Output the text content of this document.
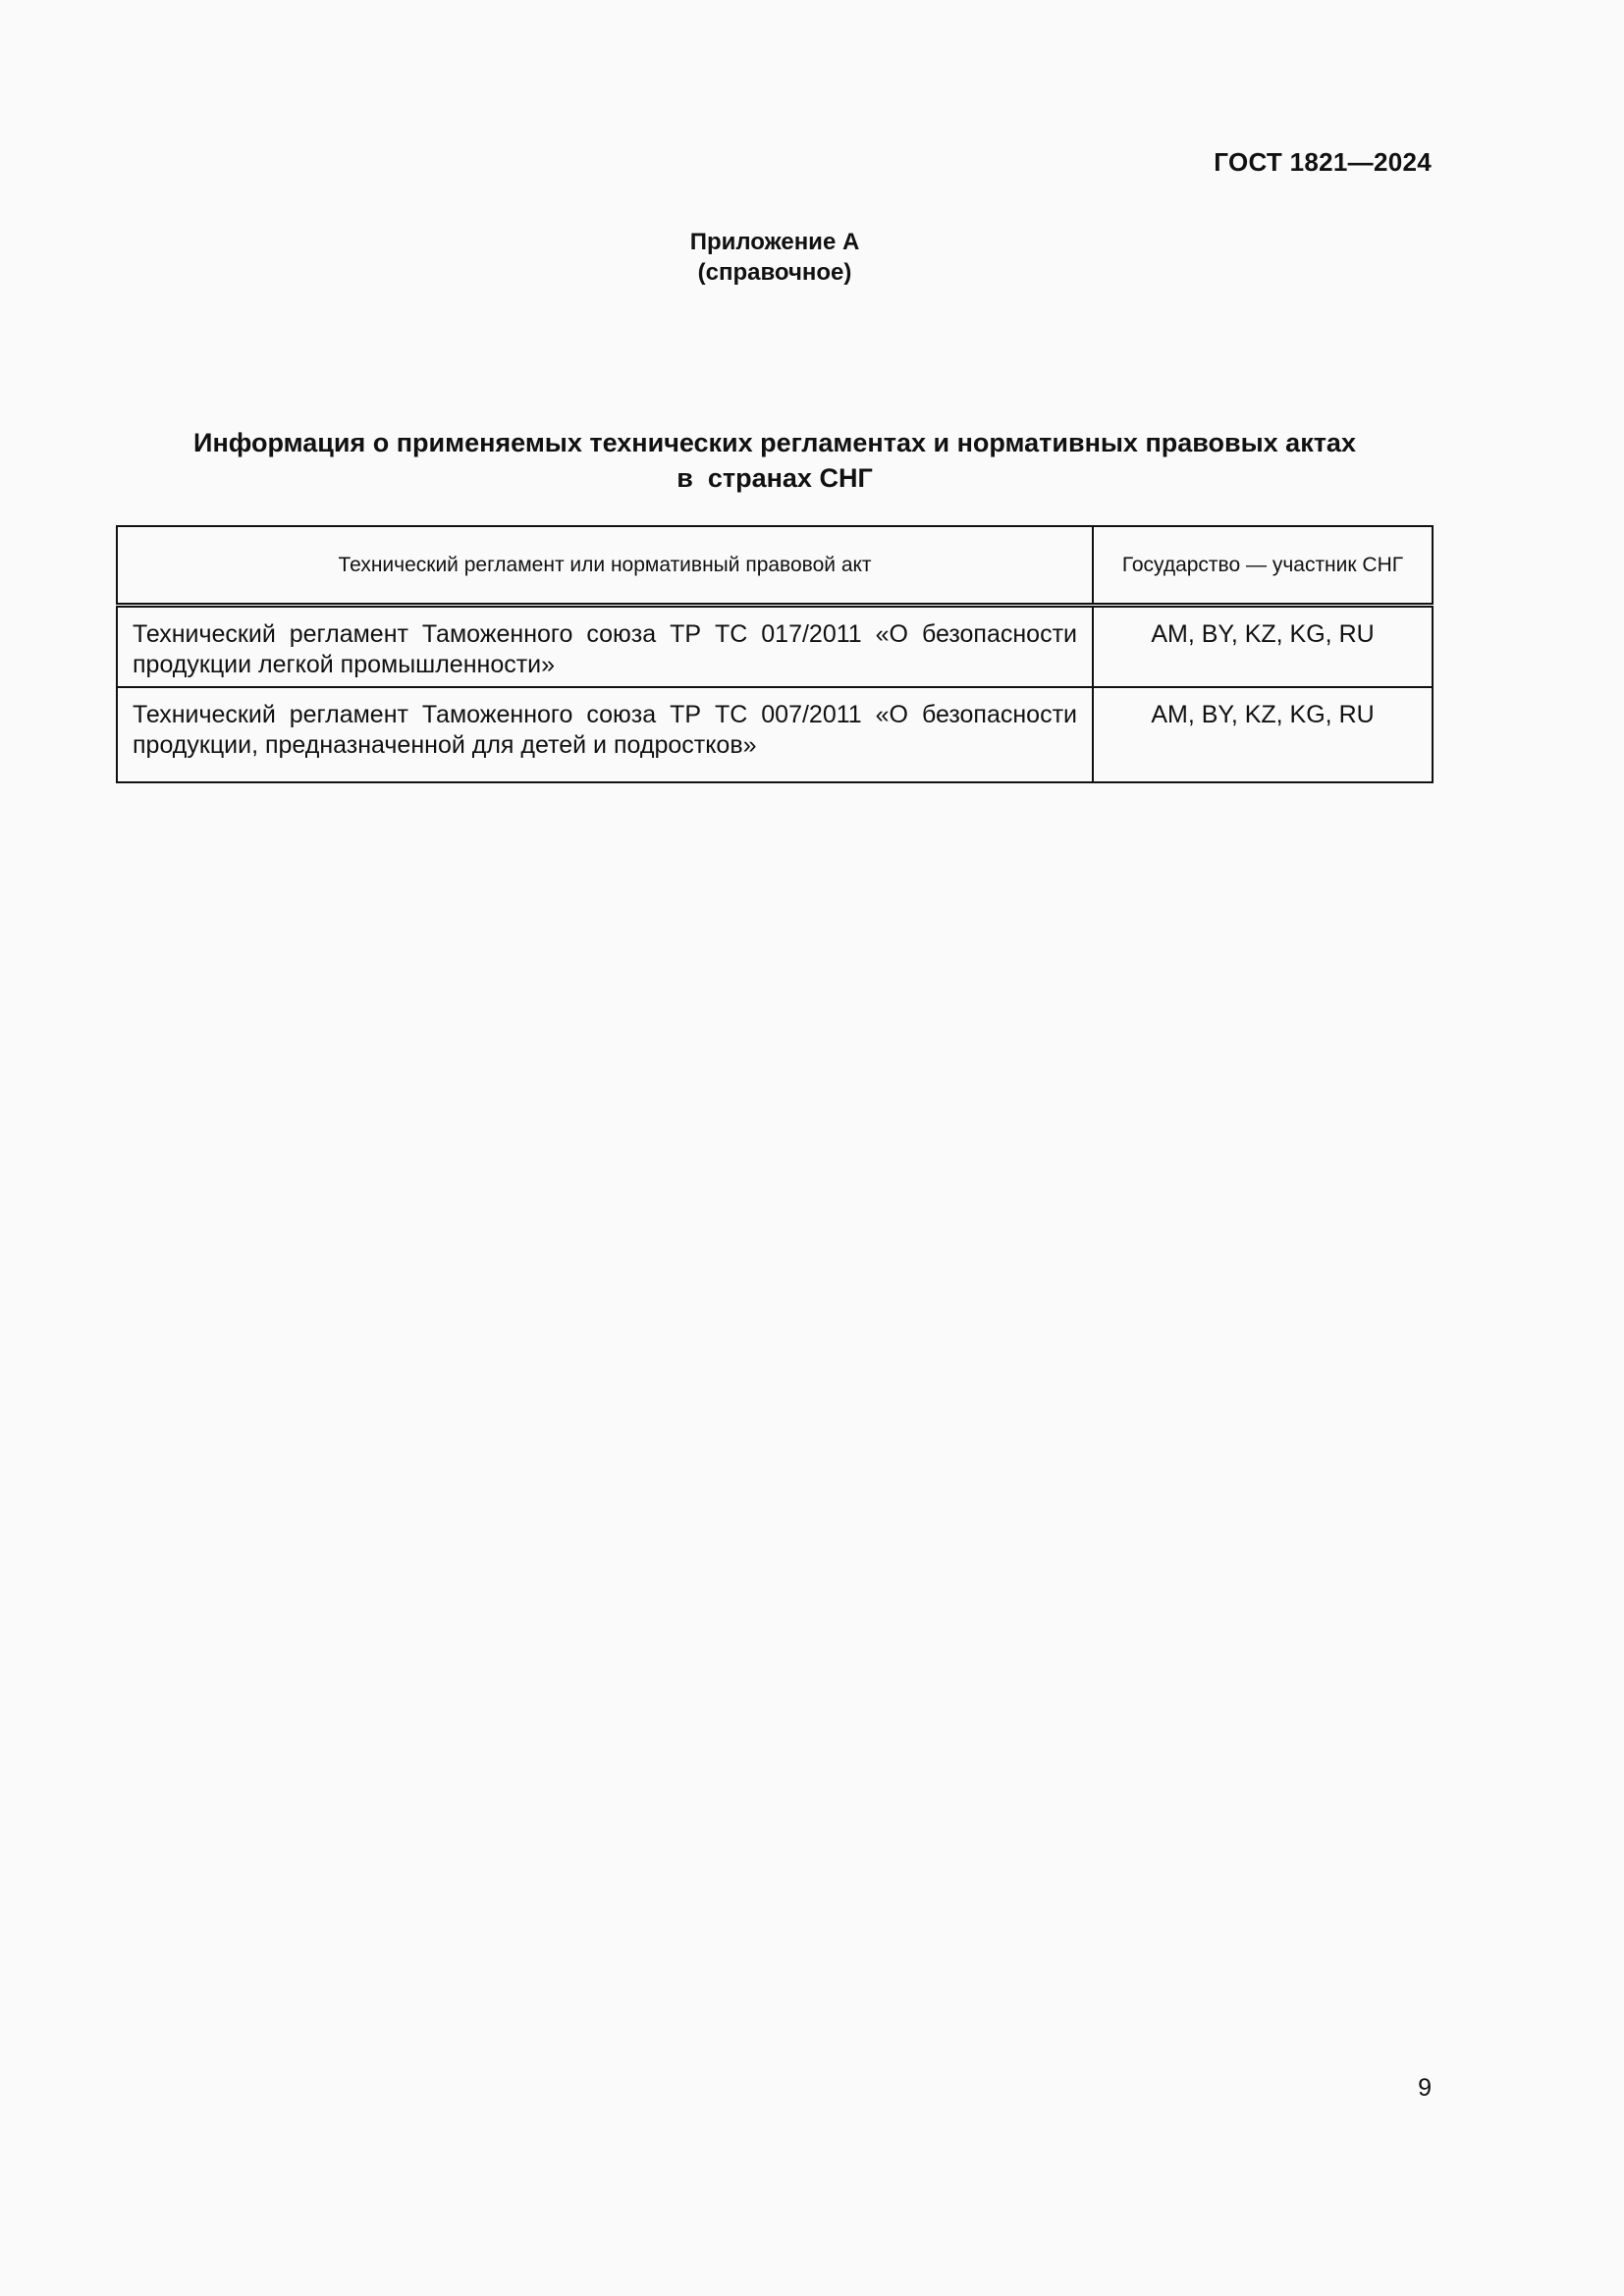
ГОСТ 1821—2024
Приложение А
(справочное)
Информация о применяемых технических регламентах и нормативных правовых актах
в  странах СНГ
Технический регламент или нормативный правовой акт	Государство — участник СНГ

Технический регламент Таможенного союза ТР ТС 017/2011 «О безопасности продукции легкой промышленности»	AM, BY, KZ, KG, RU

Технический регламент Таможенного союза ТР ТС 007/2011 «О безопасности продукции, предназначенной для детей и подростков»	AM, BY, KZ, KG, RU
9
